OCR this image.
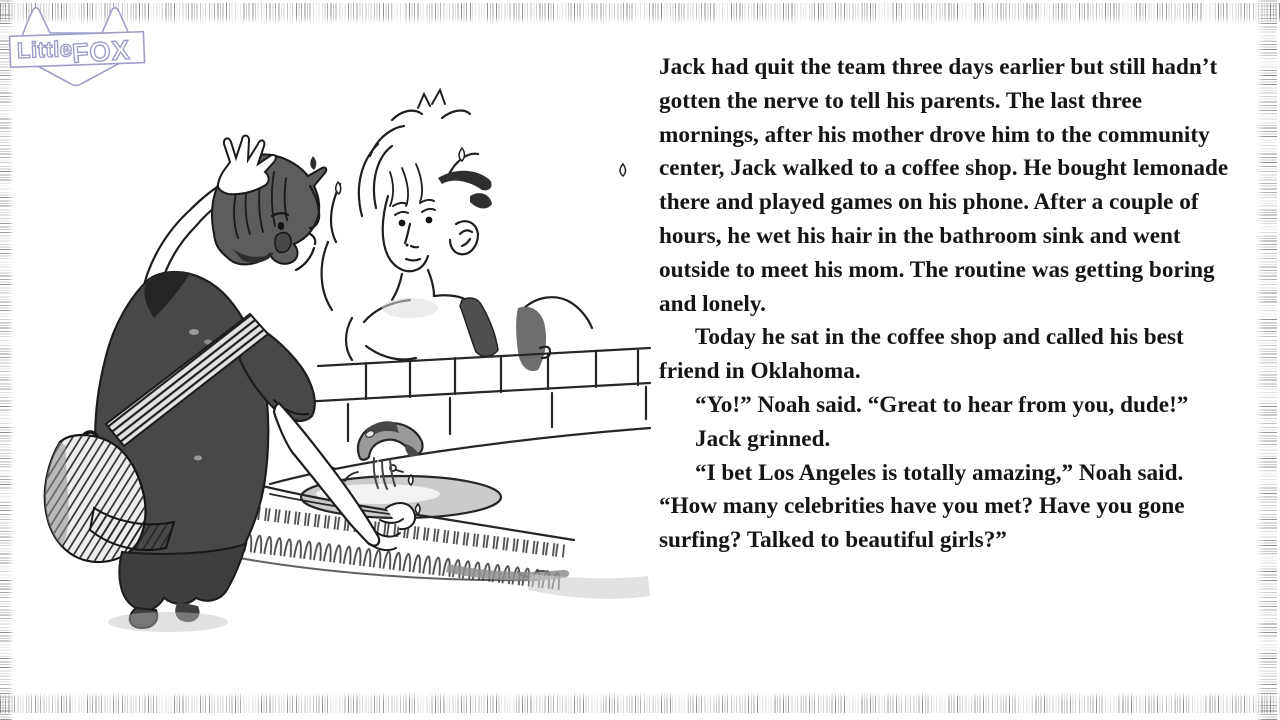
Little
FOX	Jack had quit the team three days earlier but still hadn’t gotten the nerve to tell his parents. The last three mornings, after his mother drove him to the community center, Jack walked to a coffee shop. He bought lemonade there and played games on his phone. After a couple of hours, he wet his hair in the bathroom sink and went outside to meet his mom. The routine was getting boring and lonely.

Today he sat in the coffee shop and called his best friend in Oklahoma.

“Yo!” Noah said. “Great to hear from you, dude!”

Jack grinned.

“I bet Los Angeles is totally amazing,” Noah said. “How many celebrities have you met? Have you gone surfing? Talked to beautiful girls?”
